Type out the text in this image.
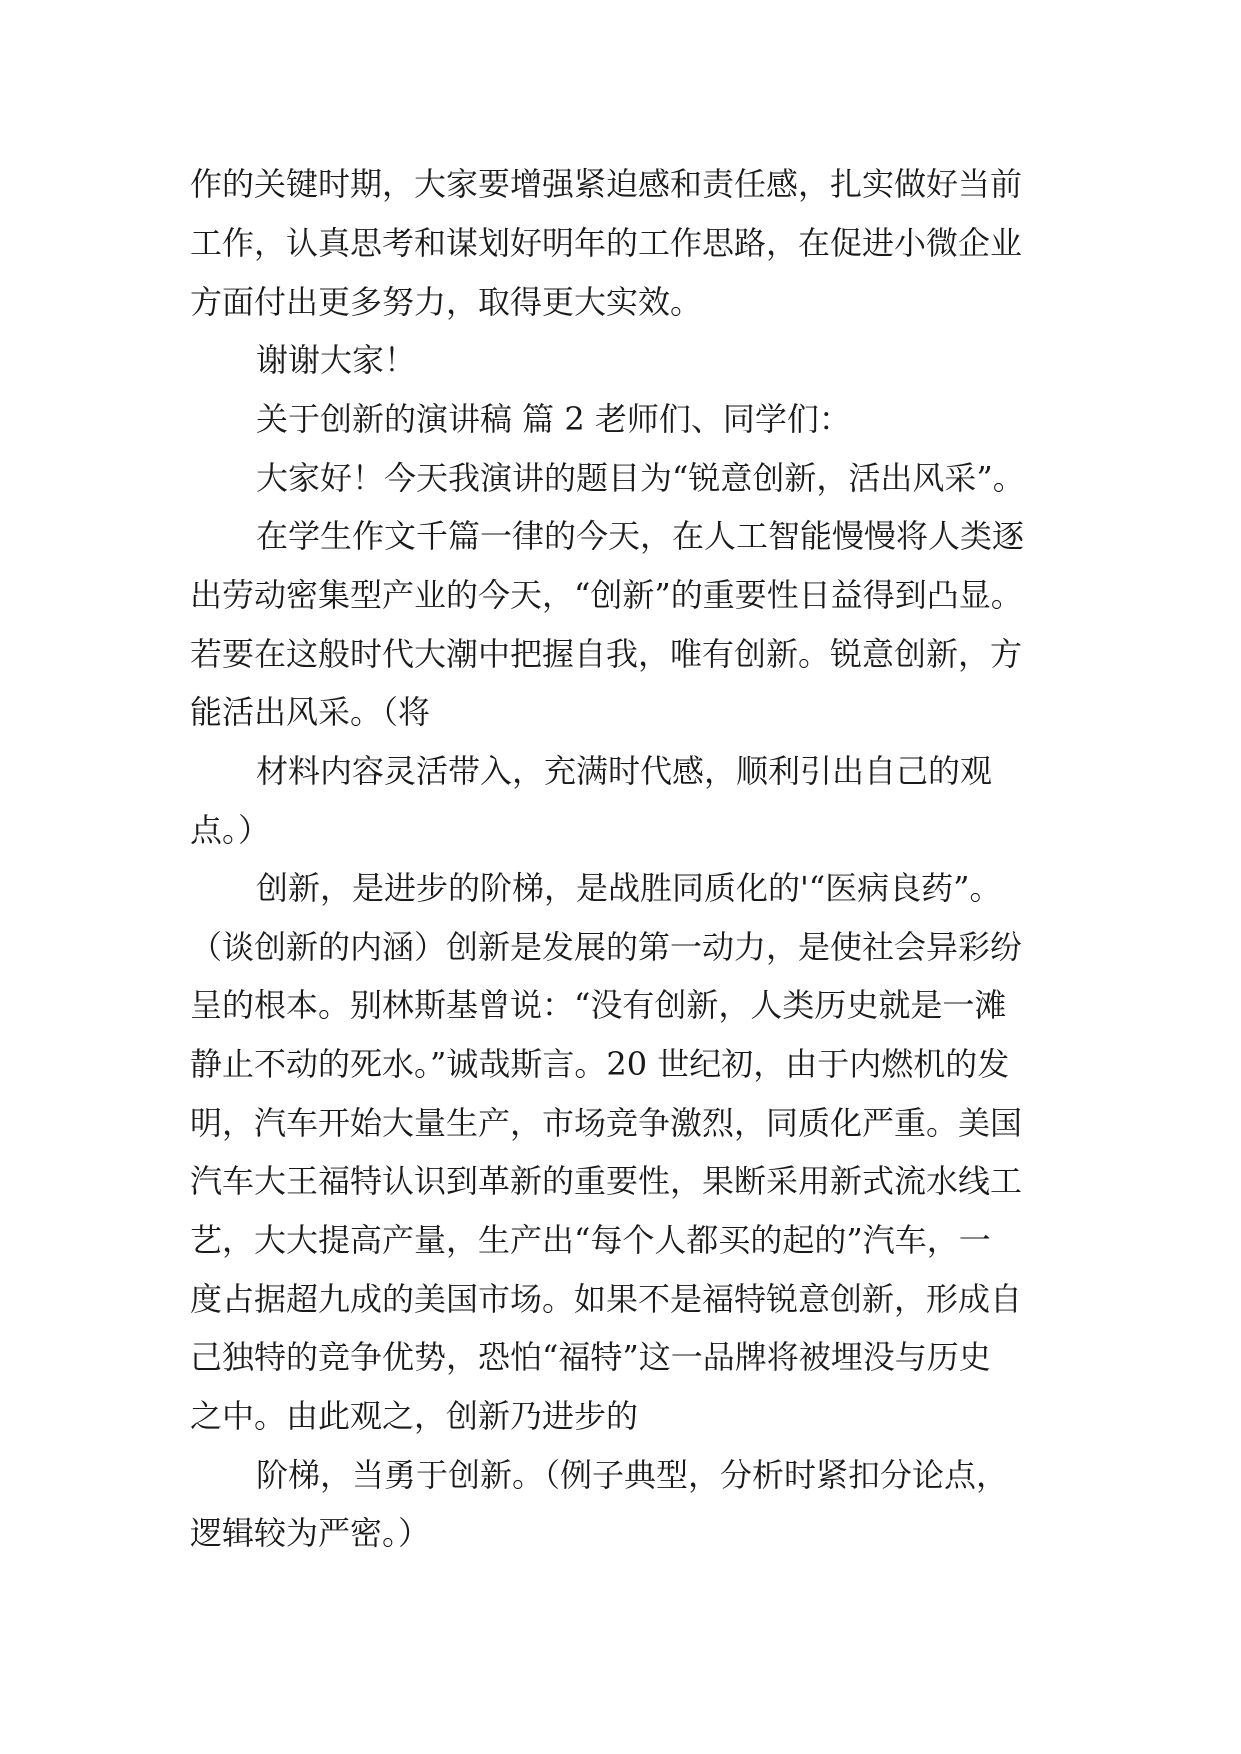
作的关键时期，大家要增强紧迫感和责任感，扎实做好当前
工作，认真思考和谋划好明年的工作思路，在促进小微企业
方面付出更多努力，取得更大实效。
谢谢大家！
关于创新的演讲稿 篇 2 老师们、同学们：
大家好！今天我演讲的题目为“锐意创新，活出风采”。
在学生作文千篇一律的今天，在人工智能慢慢将人类逐
出劳动密集型产业的今天，“创新”的重要性日益得到凸显。
若要在这般时代大潮中把握自我，唯有创新。锐意创新，方
能活出风采。（将
材料内容灵活带入，充满时代感，顺利引出自己的观
点。）
创新，是进步的阶梯，是战胜同质化的'“医病良药”。
（谈创新的内涵）创新是发展的第一动力，是使社会异彩纷
呈的根本。别林斯基曾说：“没有创新，人类历史就是一滩
静止不动的死水。”诚哉斯言。20 世纪初，由于内燃机的发
明，汽车开始大量生产，市场竞争激烈，同质化严重。美国
汽车大王福特认识到革新的重要性，果断采用新式流水线工
艺，大大提高产量，生产出“每个人都买的起的”汽车，一
度占据超九成的美国市场。如果不是福特锐意创新，形成自
己独特的竞争优势，恐怕“福特”这一品牌将被埋没与历史
之中。由此观之，创新乃进步的
阶梯，当勇于创新。（例子典型，分析时紧扣分论点，
逻辑较为严密。）
